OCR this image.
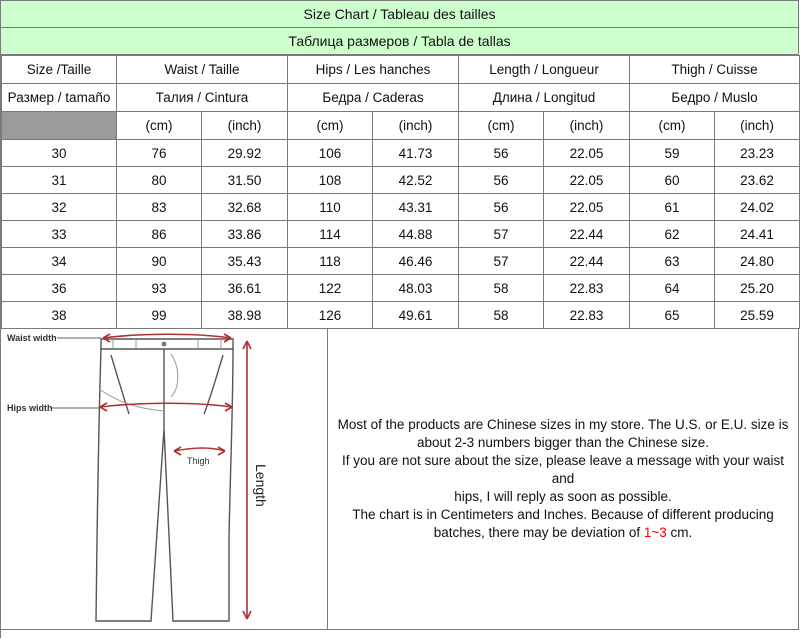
Size Chart / Tableau des tailles
Таблица размеров / Tabla de tallas
Size /Taille	Waist / Taille		Hips / Les hanches		Length / Longueur		Thigh / Cuisse	
Размер / tamaño	Талия / Cintura		Бедра / Caderas		Длина / Longitud		Бедро / Muslo	
	(cm)	(inch)	(cm)	(inch)	(cm)	(inch)	(cm)	(inch)
30	76	29.92	106	41.73	56	22.05	59	23.23
31	80	31.50	108	42.52	56	22.05	60	23.62
32	83	32.68	110	43.31	56	22.05	61	24.02
33	86	33.86	114	44.88	57	22.44	62	24.41
34	90	35.43	118	46.46	57	22.44	63	24.80
36	93	36.61	122	48.03	58	22.83	64	25.20
38	99	38.98	126	49.61	58	22.83	65	25.59
Waist width
Hips width
Thigh
Length

Most of the products are Chinese sizes in my store. The U.S. or E.U. size is

about 2-3 numbers bigger than the Chinese size.

If you are not sure about the size, please leave a message with your waist and

hips, I will reply as soon as possible.

The chart is in Centimeters and Inches. Because of different producing

batches, there may be deviation of 1~3 cm.
